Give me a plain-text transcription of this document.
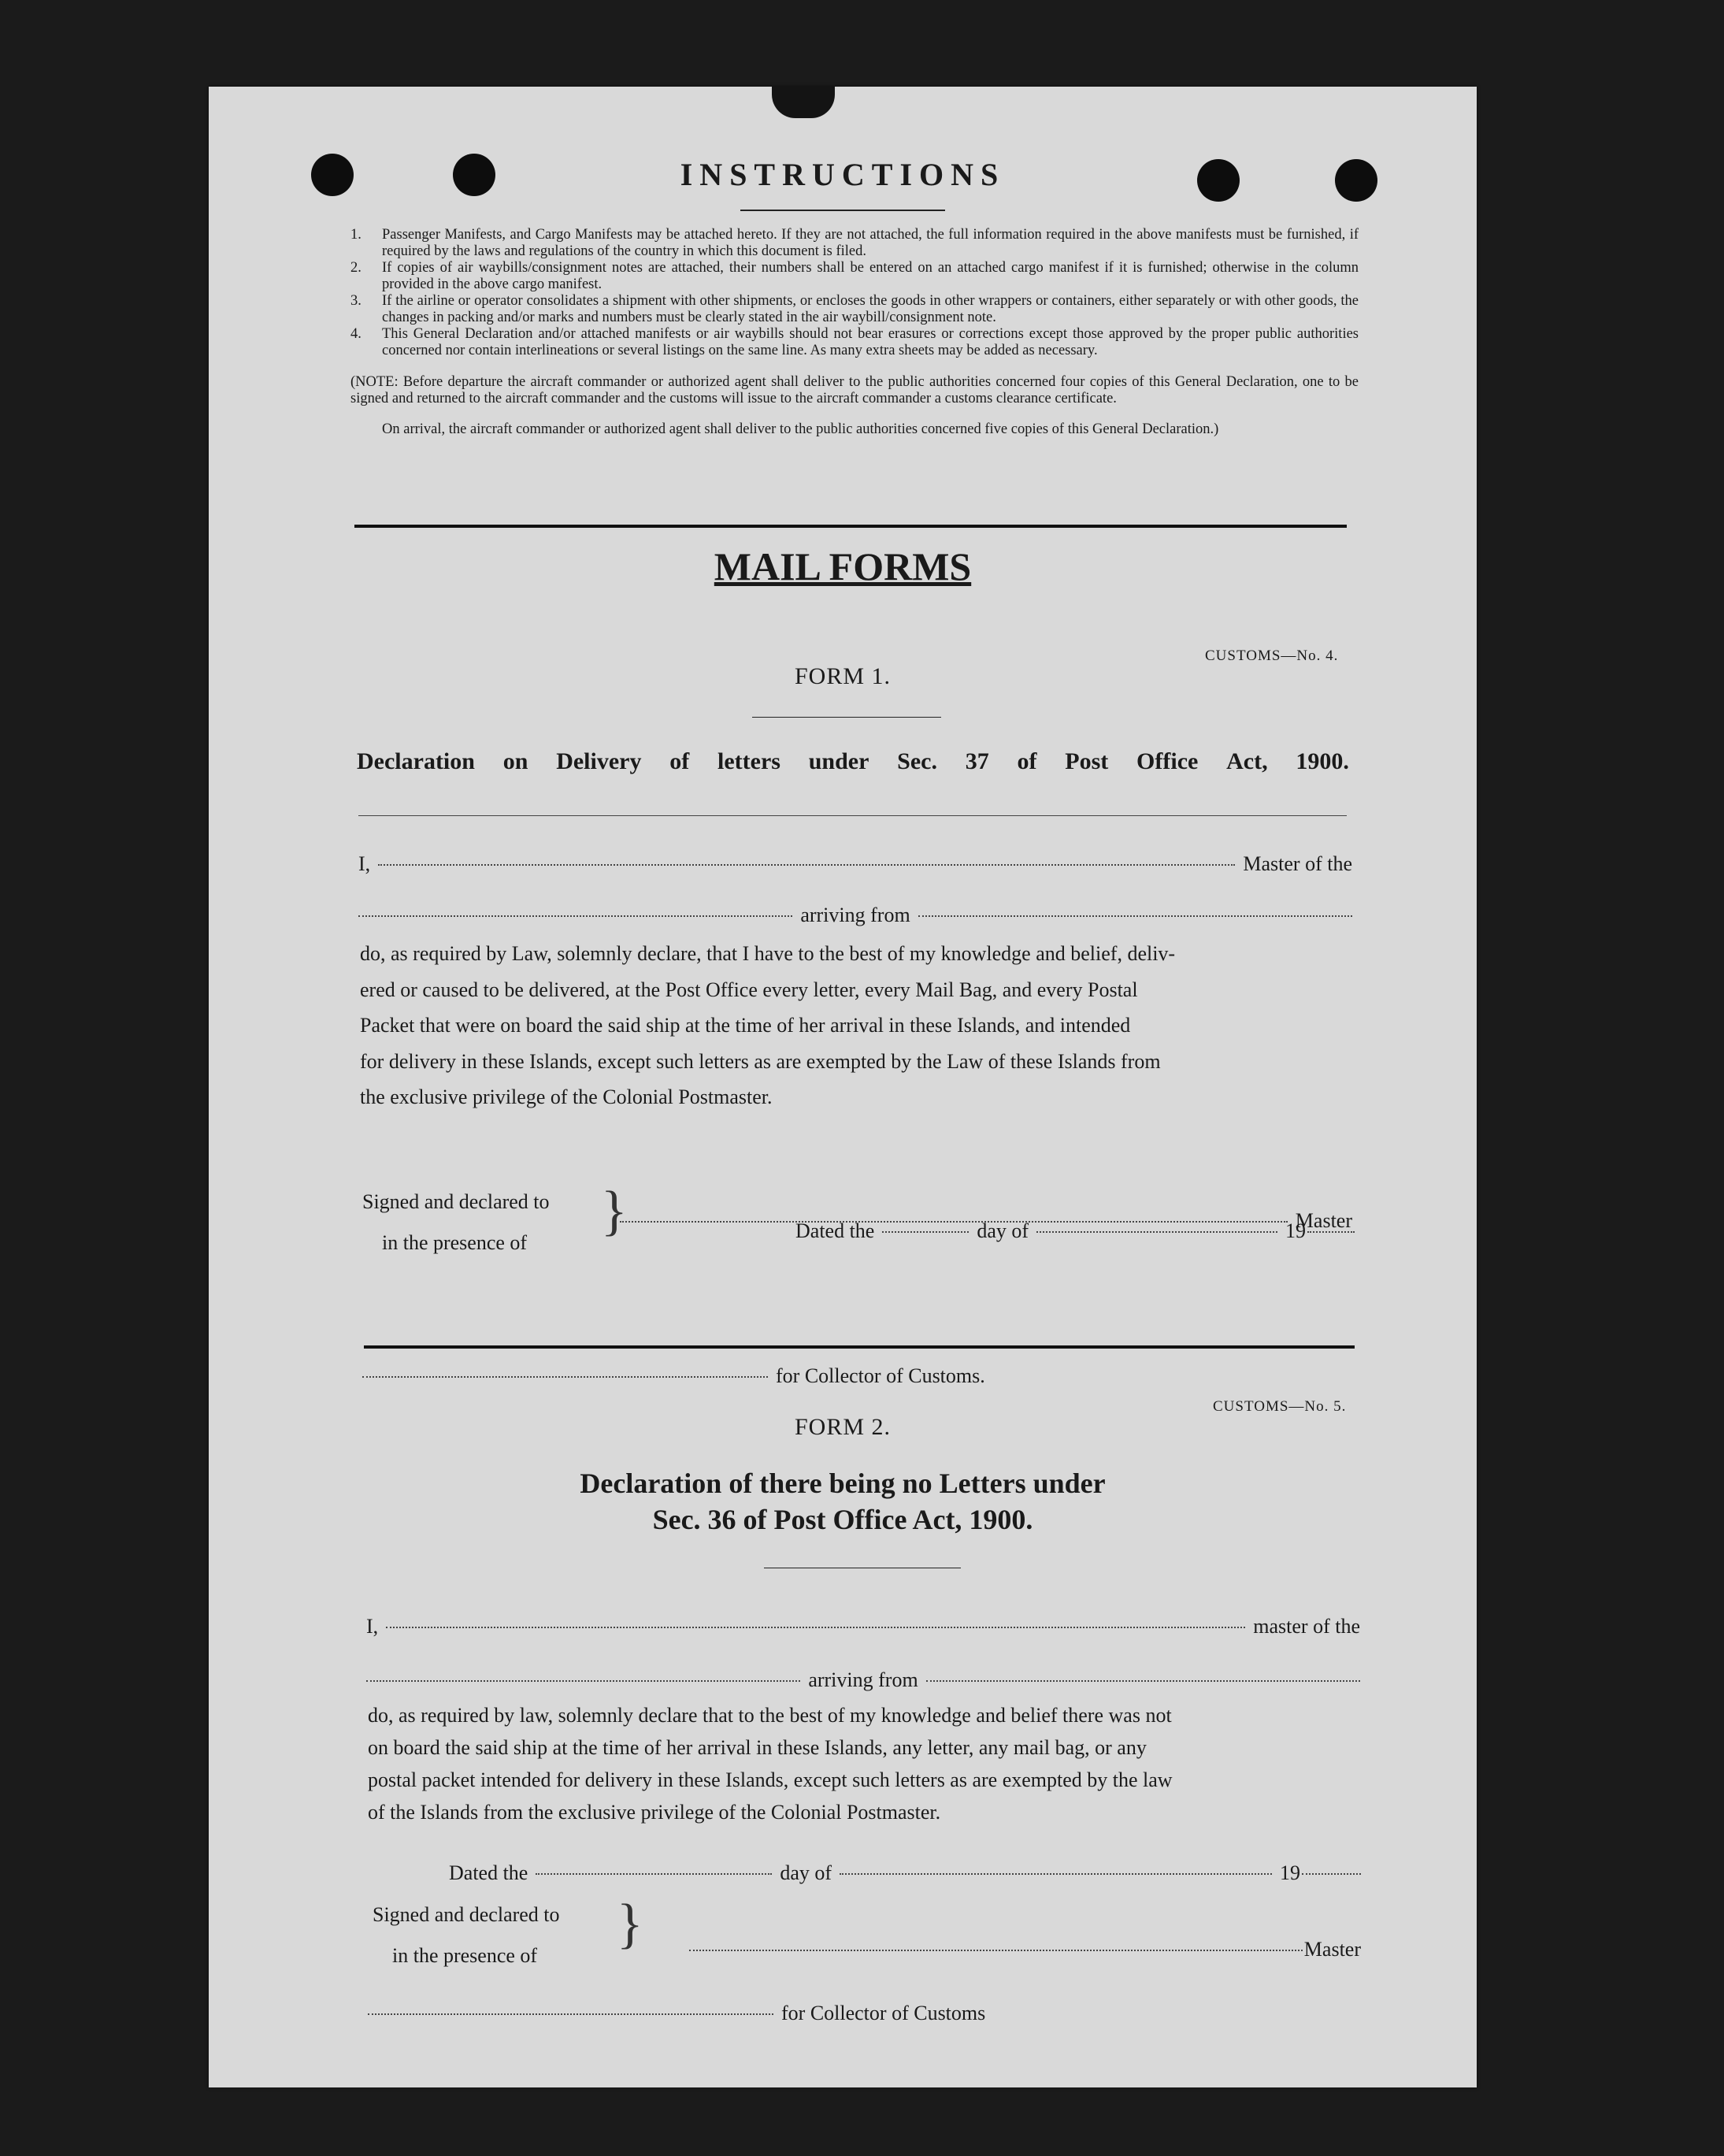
INSTRUCTIONS
1.	Passenger Manifests, and Cargo Manifests may be attached hereto. If they are not attached, the full information required in the above manifests must be furnished, if required by the laws and regulations of the country in which this document is filed.
2.	If copies of air waybills/consignment notes are attached, their numbers shall be entered on an attached cargo manifest if it is furnished; otherwise in the column provided in the above cargo manifest.
3.	If the airline or operator consolidates a shipment with other shipments, or encloses the goods in other wrappers or containers, either separately or with other goods, the changes in packing and/or marks and numbers must be clearly stated in the air waybill/consignment note.
4.	This General Declaration and/or attached manifests or air waybills should not bear erasures or corrections except those approved by the proper public authorities concerned nor contain interlineations or several listings on the same line. As many extra sheets may be added as necessary.

(NOTE: Before departure the aircraft commander or authorized agent shall deliver to the public authorities concerned four copies of this General Declaration, one to be signed and returned to the aircraft commander and the customs will issue to the aircraft commander a customs clearance certificate.

On arrival, the aircraft commander or authorized agent shall deliver to the public authorities concerned five copies of this General Declaration.)

MAIL FORMS
CUSTOMS—No. 4.
FORM 1.
Declaration on Delivery of letters under Sec. 37 of Post Office Act, 1900.
I,	Master of the
arriving from
do, as required by Law, solemnly declare, that I have to the best of my knowledge and belief, deliv-
ered or caused to be delivered, at the Post Office every letter, every Mail Bag, and every Postal
Packet that were on board the said ship at the time of her arrival in these Islands, and intended
for delivery in these Islands, except such letters as are exempted by the Law of these Islands from
the exclusive privilege of the Colonial Postmaster.
Dated the	day of	19
Signed and declared to
in the presence of
}	Master
for Collector of Customs.
CUSTOMS—No. 5.
FORM 2.
Declaration of there being no Letters under
Sec. 36 of Post Office Act, 1900.
I,	master of the
arriving from
do, as required by law, solemnly declare that to the best of my knowledge and belief there was not
on board the said ship at the time of her arrival in these Islands, any letter, any mail bag, or any
postal packet intended for delivery in these Islands, except such letters as are exempted by the law
of the Islands from the exclusive privilege of the Colonial Postmaster.
Dated the	day of	19
Signed and declared to
in the presence of
}	Master
for Collector of Customs
